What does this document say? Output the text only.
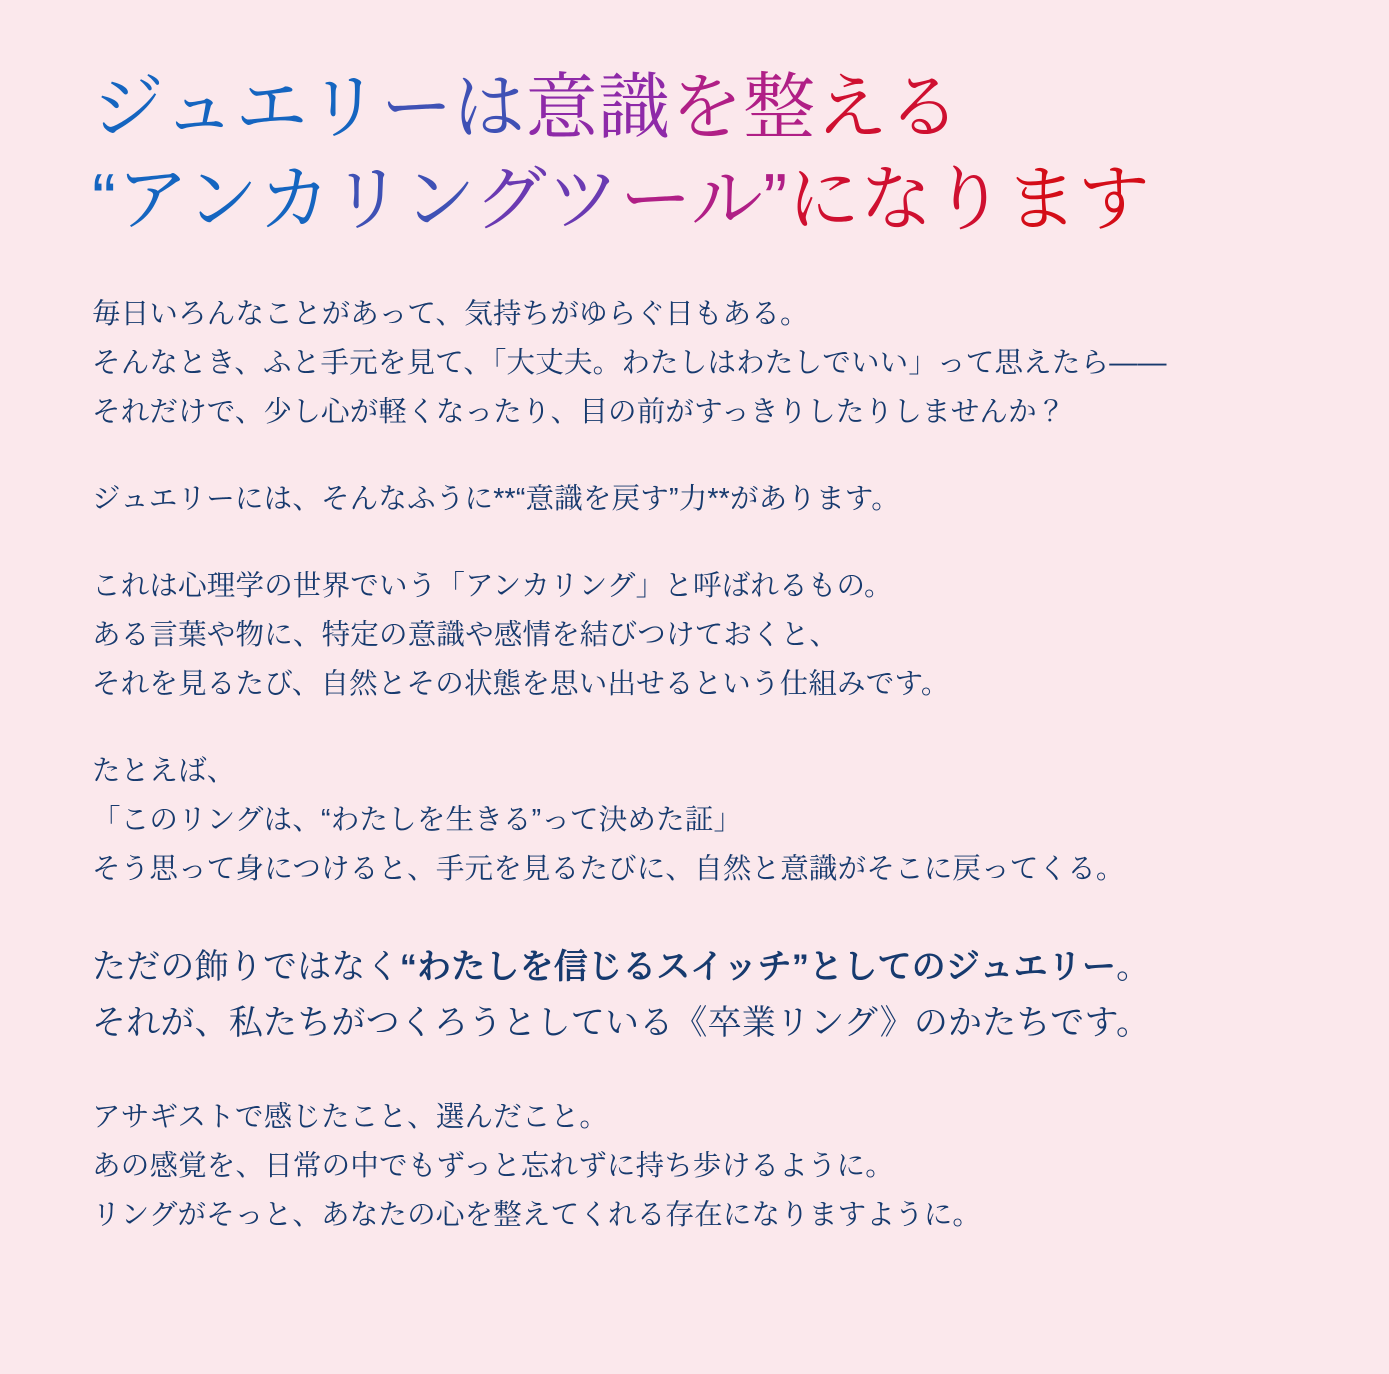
ジュエリーは意識を整える
“アンカリングツール”になります

毎日いろんなことがあって、気持ちがゆらぐ日もある。
そんなとき、ふと手元を見て、「大丈夫。わたしはわたしでいい」って思えたら——
それだけで、少し心が軽くなったり、目の前がすっきりしたりしませんか？

ジュエリーには、そんなふうに**“意識を戻す”力**があります。

これは心理学の世界でいう「アンカリング」と呼ばれるもの。
ある言葉や物に、特定の意識や感情を結びつけておくと、
それを見るたび、自然とその状態を思い出せるという仕組みです。

たとえば、
「このリングは、“わたしを生きる”って決めた証」
そう思って身につけると、手元を見るたびに、自然と意識がそこに戻ってくる。

ただの飾りではなく“わたしを信じるスイッチ”としてのジュエリー。
それが、私たちがつくろうとしている《卒業リング》のかたちです。

アサギストで感じたこと、選んだこと。
あの感覚を、日常の中でもずっと忘れずに持ち歩けるように。
リングがそっと、あなたの心を整えてくれる存在になりますように。
